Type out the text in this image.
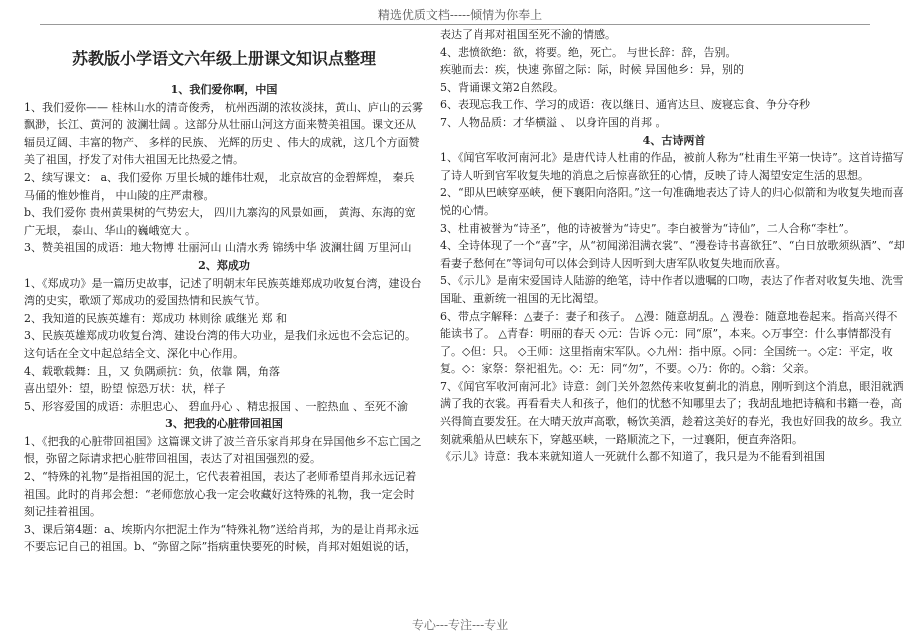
精选优质文档-----倾情为你奉上
苏教版小学语文六年级上册课文知识点整理
1、我们爱你啊，中国
1、我们爱你—— 桂林山水的清奇俊秀， 杭州西湖的浓妆淡抹，黄山、庐山的云雾飘渺，长江、黄河的 波澜壮阔 。这部分从壮丽山河这方面来赞美祖国。课文还从辐员辽阔、丰富的物产、 多样的民族、 光辉的历史 、伟大的成就，这几个方面赞美了祖国，抒发了对伟大祖国无比热爱之情。
2、续写课文： a、我们爱你 万里长城的雄伟壮观， 北京故宫的金碧辉煌， 秦兵马俑的惟妙惟肖， 中山陵的庄严肃穆。
b、我们爱你 贵州黄果树的气势宏大， 四川九寨沟的风景如画， 黄海、东海的宽广无垠， 泰山、华山的巍峨宽大 。
3、赞美祖国的成语：地大物博 壮丽河山 山清水秀 锦绣中华 波澜壮阔 万里河山
2、郑成功
1、《郑成功》是一篇历史故事，记述了明朝末年民族英雄郑成功收复台湾，建设台湾的史实，歌颂了郑成功的爱国热情和民族气节。
2、我知道的民族英雄有：郑成功 林则徐 戚继光 郑 和
3、民族英雄郑成功收复台湾、建设台湾的伟大功业，是我们永远也不会忘记的。这句话在全文中起总结全文、深化中心作用。
4、载歌载舞：且，又 负隅顽抗：负，依靠 隅，角落
喜出望外：望，盼望 惊恐万状：状，样子
5、形容爱国的成语：赤胆忠心、 碧血丹心 、精忠报国 、一腔热血 、至死不渝
3、把我的心脏带回祖国
1、《把我的心脏带回祖国》这篇课文讲了波兰音乐家肖邦身在异国他乡不忘亡国之恨，弥留之际请求把心脏带回祖国，表达了对祖国强烈的爱。
2、“特殊的礼物”是指祖国的泥土，它代表着祖国，表达了老师希望肖邦永远记着祖国。此时的肖邦会想：“老师您放心我一定会收藏好这特殊的礼物，我一定会时刻记挂着祖国。
3、课后第4题：a、埃斯内尔把泥土作为“特殊礼物”送给肖邦，为的是让肖邦永远不要忘记自己的祖国。b、“弥留之际”指病重快要死的时候，肖邦对姐姐说的话，
表达了肖邦对祖国至死不渝的情感。
4、悲愤欲绝：欲，将要。绝，死亡。 与世长辞：辞，告别。
疾驰而去：疾，快速 弥留之际：际，时候 异国他乡：异，别的
5、背诵课文第2自然段。
6、表现忘我工作、学习的成语：夜以继日、通宵达旦、废寝忘食、争分夺秒
7、人物品质：才华横溢 、 以身许国的肖邦 。
4、古诗两首
1、《闻官军收河南河北》是唐代诗人杜甫的作品，被前人称为“杜甫生平第一快诗”。这首诗描写了诗人听到官军收复失地的消息之后惊喜欲狂的心情，反映了诗人渴望安定生活的思想。
2、“即从巴峡穿巫峡，便下襄阳向洛阳。”这一句准确地表达了诗人的归心似箭和为收复失地而喜悦的心情。
3、杜甫被誉为“诗圣”，他的诗被誉为“诗史”。李白被誉为“诗仙”，二人合称“李杜”。
4、全诗体现了一个“喜”字，从“初闻涕泪满衣裳”、“漫卷诗书喜欲狂”、“白日放歌须纵酒”、“却看妻子愁何在”等词句可以体会到诗人因听到大唐军队收复失地而欣喜。
5、《示儿》是南宋爱国诗人陆游的绝笔，诗中作者以遗嘱的口吻，表达了作者对收复失地、洗雪国耻、重新统一祖国的无比渴望。
6、带点字解释：△妻子：妻子和孩子。 △漫：随意胡乱。△ 漫卷：随意地卷起来。指高兴得不能读书了。 △青春：明丽的春天 ◇元：告诉 ◇元：同“原”，本来。◇万事空：什么事情都没有了。◇但：只。 ◇王师：这里指南宋军队。◇九州：指中原。◇同：全国统一。◇定：平定，收复。◇：家祭：祭祀祖先。◇：无：同“勿”，不要。◇乃：你的。◇翁：父亲。
7、《闻官军收河南河北》诗意：剑门关外忽然传来收复蓟北的消息，刚听到这个消息，眼泪就洒满了我的衣裳。再看看夫人和孩子，他们的忧愁不知哪里去了；我胡乱地把诗稿和书籍一卷，高兴得简直要发狂。在大晴天放声高歌，畅饮美酒，趁着这美好的春光，我也好回我的故乡。我立刻就乘船从巴峡东下，穿越巫峡，一路顺流之下，一过襄阳，便直奔洛阳。
《示儿》诗意：我本来就知道人一死就什么都不知道了，我只是为不能看到祖国
专心---专注---专业
